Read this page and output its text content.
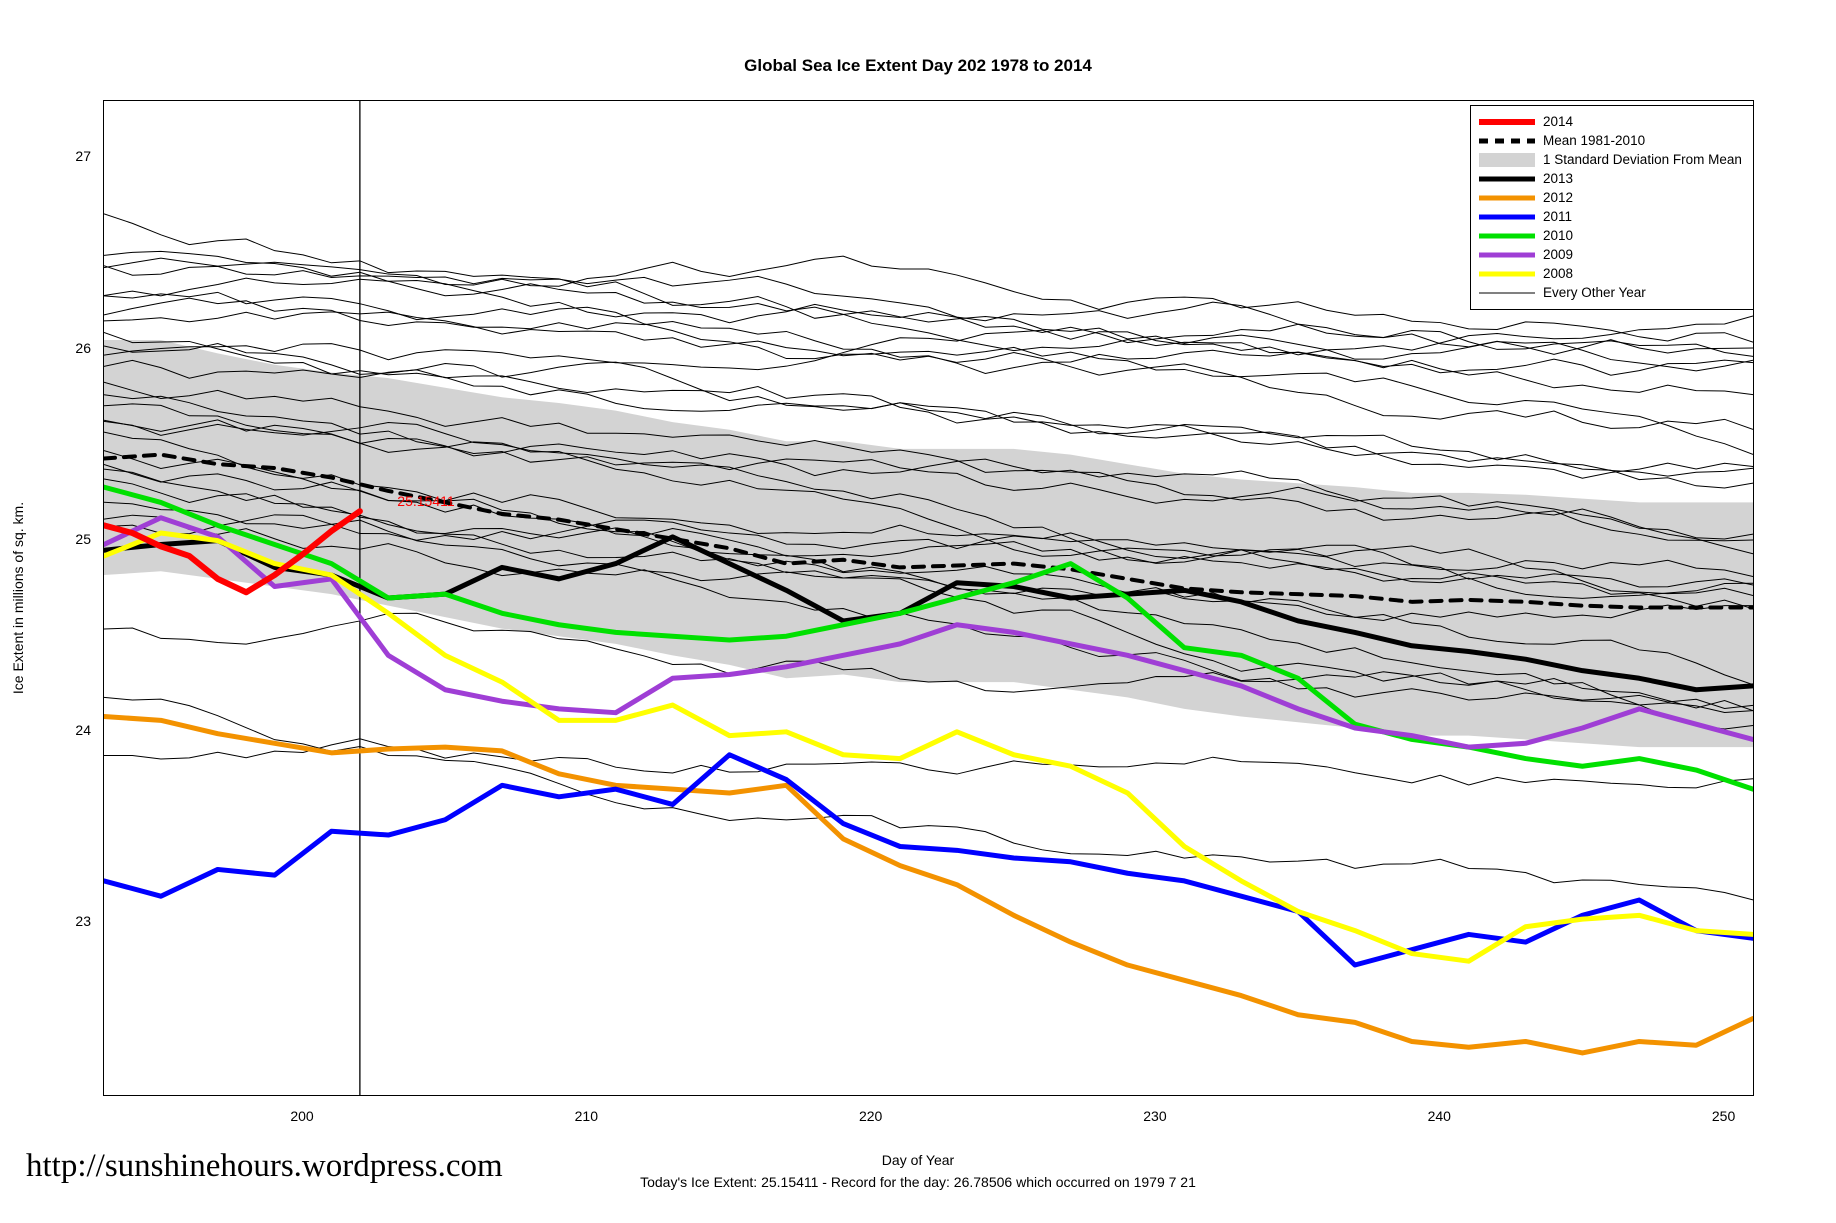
Global Sea Ice Extent Day 202 1978 to 2014
Ice Extent in millions of sq. km.
Day of Year
Today's Ice Extent: 25.15411 - Record for the day: 26.78506 which occurred on 1979 7 21
http://sunshinehours.wordpress.com
23
24
25
26
27
200	210	220	230	240	250
25.15411
2014
Mean 1981-2010
1 Standard Deviation From Mean
2013
2012
2011
2010
2009
2008
Every Other Year
